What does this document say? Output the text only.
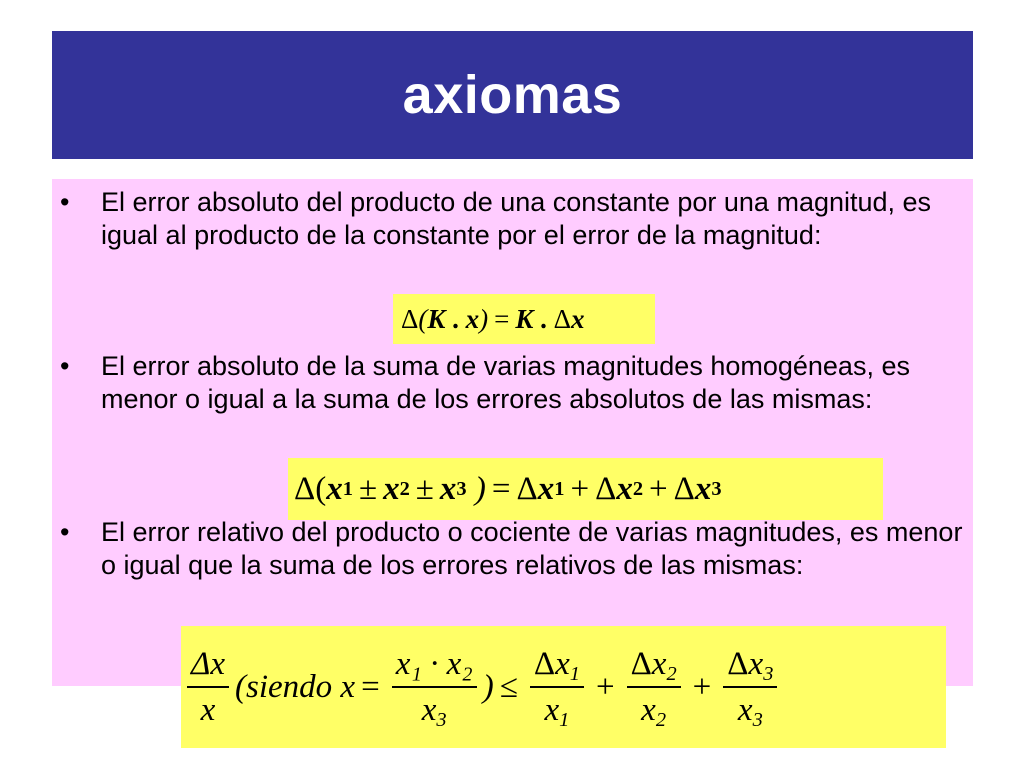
axiomas
• El error absoluto del producto de una constante por una magnitud, es igual al producto de la constante por el error de la magnitud:
Δ ( K
.
x ) = K
.
Δ x
• El error absoluto de la suma de varias magnitudes homogéneas, es menor o igual a la suma de los errores absolutos de las mismas:
Δ ( x 1 ± x 2 ± x 3
) = Δ x 1 + Δ x 2 + Δ x 3
• El error relativo del producto o cociente de varias magnitudes, es menor o igual que la suma de los errores relativos de las mismas:
$\frac{\Delta x}{x}$ (siendo
$x = \frac{\text{x₁ · x₂}}{x_3}$ ) ≤ $\frac{\Delta x_1}{x_1} + \frac{\Delta x_2}{x_2} + \frac{\Delta x_3}{x_3}$
